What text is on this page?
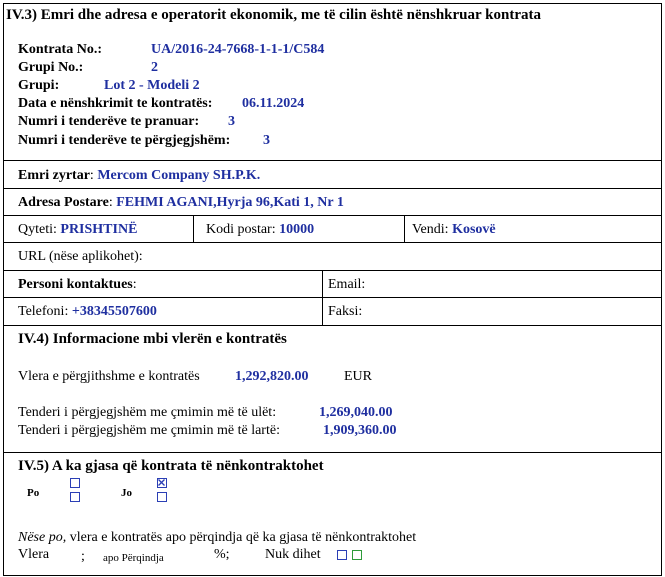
IV.3) Emri dhe adresa e operatorit ekonomik, me të cilin është nënshkruar kontrata
Kontrata No.:	UA/2016-24-7668-1-1-1/C584
Grupi No.:	2
Grupi:	Lot 2 - Modeli 2
Data e nënshkrimit te kontratës: 06.11.2024
Numri i tenderëve te pranuar: 3
Numri i tenderëve te përgjegjshëm: 3
Emri zyrtar: Mercom Company SH.P.K.
Adresa Postare: FEHMI AGANI,Hyrja 96,Kati 1, Nr 1
Qyteti: PRISHTINË	Kodi postar: 10000	Vendi: Kosovë
URL (nëse aplikohet):
Personi kontaktues:	Email:
Telefoni: +38345507600	Faksi:
IV.4) Informacione mbi vlerën e kontratës
Vlera e përgjithshme e kontratës	1,292,820.00	EUR
Tenderi i përgjegjshëm me çmimin më të ulët:	1,269,040.00
Tenderi i përgjegjshëm me çmimin më të lartë:	1,909,360.00
IV.5) A ka gjasa që kontrata të nënkontraktohet
Po	Jo
Nëse po, vlera e kontratës apo përqindja që ka gjasa të nënkontraktohet
Vlera ; apo Përqindja	%;	Nuk dihet
